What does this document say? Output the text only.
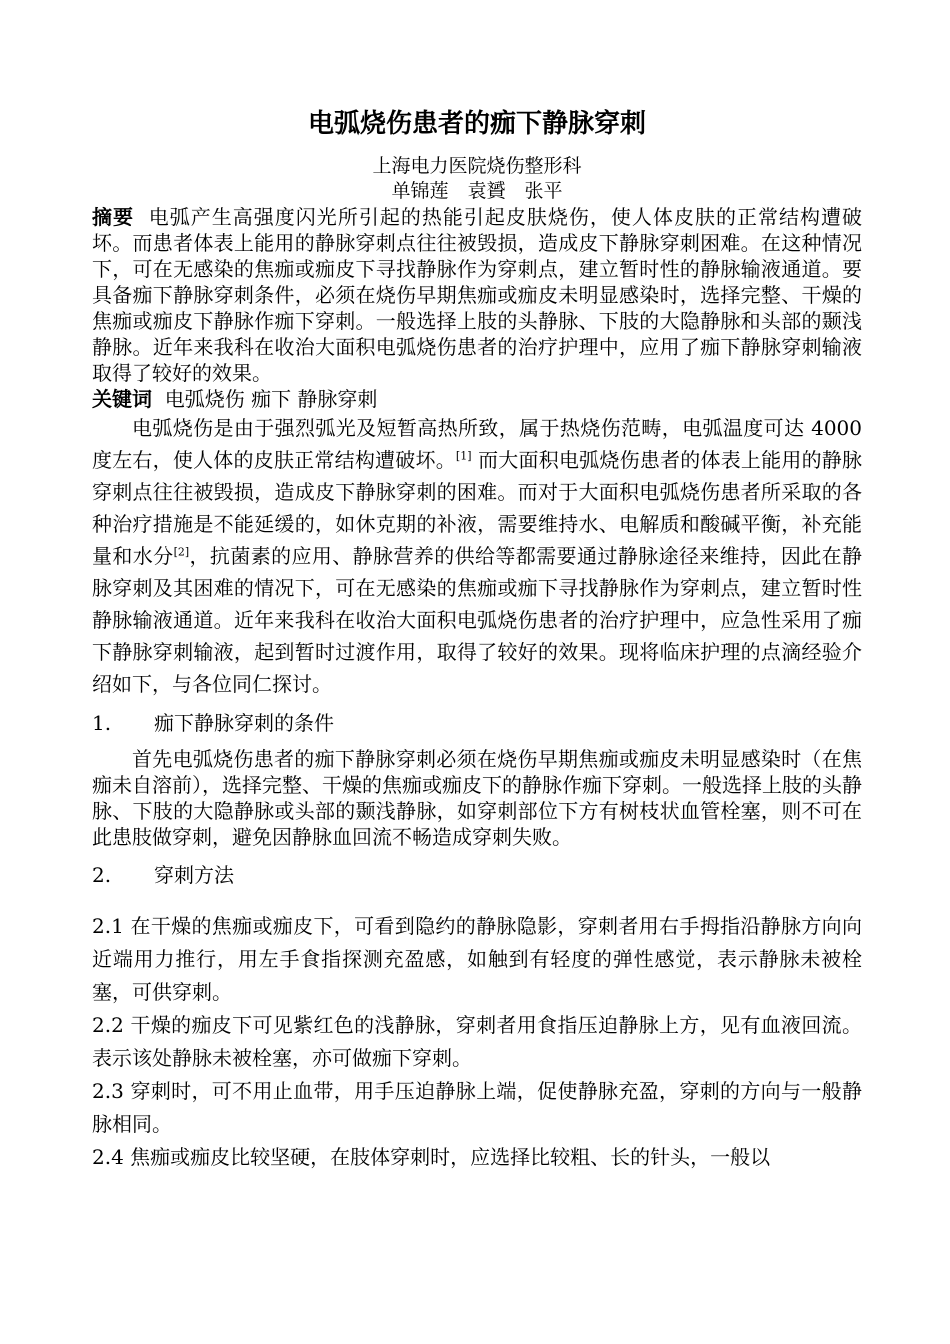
电弧烧伤患者的痂下静脉穿刺

上海电力医院烧伤整形科

单锦莲　袁贇　张平

摘要 电弧产生高强度闪光所引起的热能引起皮肤烧伤，使人体皮肤的正常结构遭破坏。而患者体表上能用的静脉穿刺点往往被毁损，造成皮下静脉穿刺困难。在这种情况下，可在无感染的焦痂或痂皮下寻找静脉作为穿刺点，建立暂时性的静脉输液通道。要具备痂下静脉穿刺条件，必须在烧伤早期焦痂或痂皮未明显感染时，选择完整、干燥的焦痂或痂皮下静脉作痂下穿刺。一般选择上肢的头静脉、下肢的大隐静脉和头部的颞浅静脉。近年来我科在收治大面积电弧烧伤患者的治疗护理中，应用了痂下静脉穿刺输液取得了较好的效果。

关键词 电弧烧伤 痂下 静脉穿刺

电弧烧伤是由于强烈弧光及短暂高热所致，属于热烧伤范畴，电弧温度可达 4000 度左右，使人体的皮肤正常结构遭破坏。[1] 而大面积电弧烧伤患者的体表上能用的静脉穿刺点往往被毁损，造成皮下静脉穿刺的困难。而对于大面积电弧烧伤患者所采取的各种治疗措施是不能延缓的，如休克期的补液，需要维持水、电解质和酸碱平衡，补充能量和水分[2]，抗菌素的应用、静脉营养的供给等都需要通过静脉途径来维持，因此在静脉穿刺及其困难的情况下，可在无感染的焦痂或痂下寻找静脉作为穿刺点，建立暂时性静脉输液通道。近年来我科在收治大面积电弧烧伤患者的治疗护理中，应急性采用了痂下静脉穿刺输液，起到暂时过渡作用，取得了较好的效果。现将临床护理的点滴经验介绍如下，与各位同仁探讨。

1. 痂下静脉穿刺的条件

首先电弧烧伤患者的痂下静脉穿刺必须在烧伤早期焦痂或痂皮未明显感染时（在焦痂未自溶前），选择完整、干燥的焦痂或痂皮下的静脉作痂下穿刺。一般选择上肢的头静脉、下肢的大隐静脉或头部的颞浅静脉，如穿刺部位下方有树枝状血管栓塞，则不可在此患肢做穿刺，避免因静脉血回流不畅造成穿刺失败。

2. 穿刺方法

2.1 在干燥的焦痂或痂皮下，可看到隐约的静脉隐影，穿刺者用右手拇指沿静脉方向向近端用力推行，用左手食指探测充盈感，如触到有轻度的弹性感觉，表示静脉未被栓塞，可供穿刺。

2.2 干燥的痂皮下可见紫红色的浅静脉，穿刺者用食指压迫静脉上方，见有血液回流。表示该处静脉未被栓塞，亦可做痂下穿刺。

2.3 穿刺时，可不用止血带，用手压迫静脉上端，促使静脉充盈，穿刺的方向与一般静脉相同。

2.4 焦痂或痂皮比较坚硬，在肢体穿刺时，应选择比较粗、长的针头，一般以
